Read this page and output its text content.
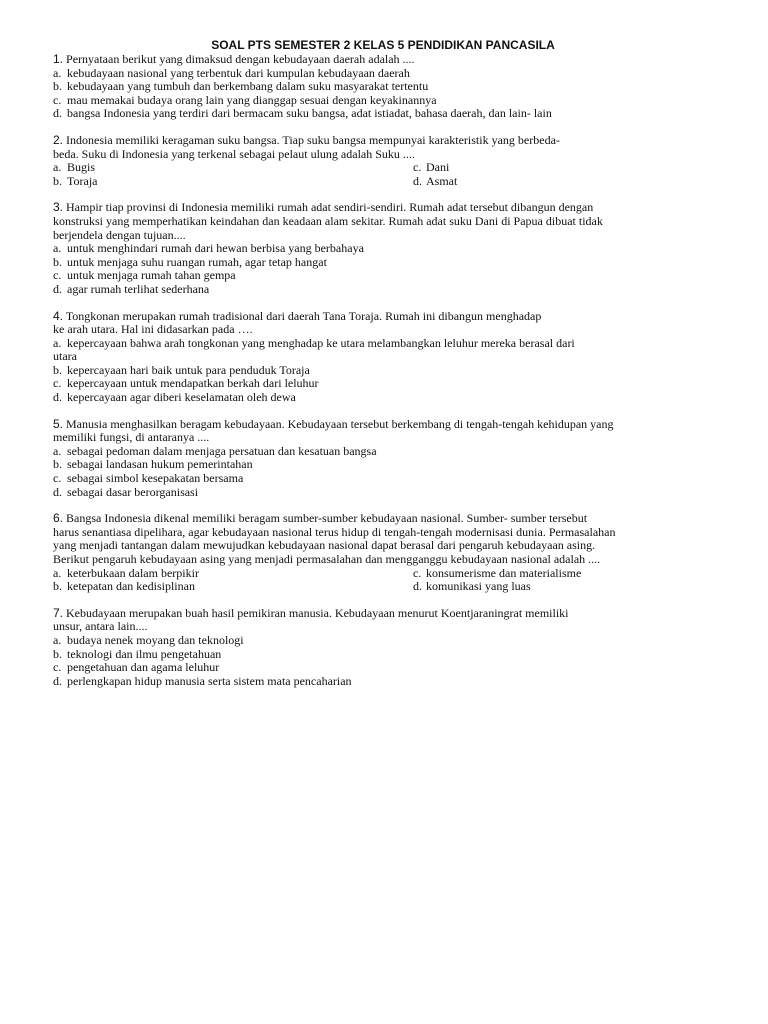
SOAL PTS SEMESTER 2 KELAS 5 PENDIDIKAN PANCASILA
1. Pernyataan berikut yang dimaksud dengan kebudayaan daerah adalah ....
a. kebudayaan nasional yang terbentuk dari kumpulan kebudayaan daerah
b. kebudayaan yang tumbuh dan berkembang dalam suku masyarakat tertentu
c. mau memakai budaya orang lain yang dianggap sesuai dengan keyakinannya
d. bangsa Indonesia yang terdiri dari bermacam suku bangsa, adat istiadat, bahasa daerah, dan lain- lain
2. Indonesia memiliki keragaman suku bangsa. Tiap suku bangsa mempunyai karakteristik yang berbeda-
beda. Suku di Indonesia yang terkenal sebagai pelaut ulung adalah Suku ....
a. Bugis	c. Dani
b. Toraja	d. Asmat
3. Hampir tiap provinsi di Indonesia memiliki rumah adat sendiri-sendiri. Rumah adat tersebut dibangun dengan
konstruksi yang memperhatikan keindahan dan keadaan alam sekitar. Rumah adat suku Dani di Papua dibuat tidak
berjendela dengan tujuan....
a. untuk menghindari rumah dari hewan berbisa yang berbahaya
b. untuk menjaga suhu ruangan rumah, agar tetap hangat
c. untuk menjaga rumah tahan gempa
d. agar rumah terlihat sederhana
4. Tongkonan merupakan rumah tradisional dari daerah Tana Toraja. Rumah ini dibangun menghadap
ke arah utara. Hal ini didasarkan pada ….
a. kepercayaan bahwa arah tongkonan yang menghadap ke utara melambangkan leluhur mereka berasal dari
utara
b. kepercayaan hari baik untuk para penduduk Toraja
c. kepercayaan untuk mendapatkan berkah dari leluhur
d. kepercayaan agar diberi keselamatan oleh dewa
5. Manusia menghasilkan beragam kebudayaan. Kebudayaan tersebut berkembang di tengah-tengah kehidupan yang
memiliki fungsi, di antaranya ....
a. sebagai pedoman dalam menjaga persatuan dan kesatuan bangsa
b. sebagai landasan hukum pemerintahan
c. sebagai simbol kesepakatan bersama
d. sebagai dasar berorganisasi
6. Bangsa Indonesia dikenal memiliki beragam sumber-sumber kebudayaan nasional. Sumber- sumber tersebut
harus senantiasa dipelihara, agar kebudayaan nasional terus hidup di tengah-tengah modernisasi dunia. Permasalahan
yang menjadi tantangan dalam mewujudkan kebudayaan nasional dapat berasal dari pengaruh kebudayaan asing.
Berikut pengaruh kebudayaan asing yang menjadi permasalahan dan mengganggu kebudayaan nasional adalah ....
a. keterbukaan dalam berpikir	c. konsumerisme dan materialisme
b. ketepatan dan kedisiplinan	d. komunikasi yang luas
7. Kebudayaan merupakan buah hasil pemikiran manusia. Kebudayaan menurut Koentjaraningrat memiliki
unsur, antara lain....
a. budaya nenek moyang dan teknologi
b. teknologi dan ilmu pengetahuan
c. pengetahuan dan agama leluhur
d. perlengkapan hidup manusia serta sistem mata pencaharian
